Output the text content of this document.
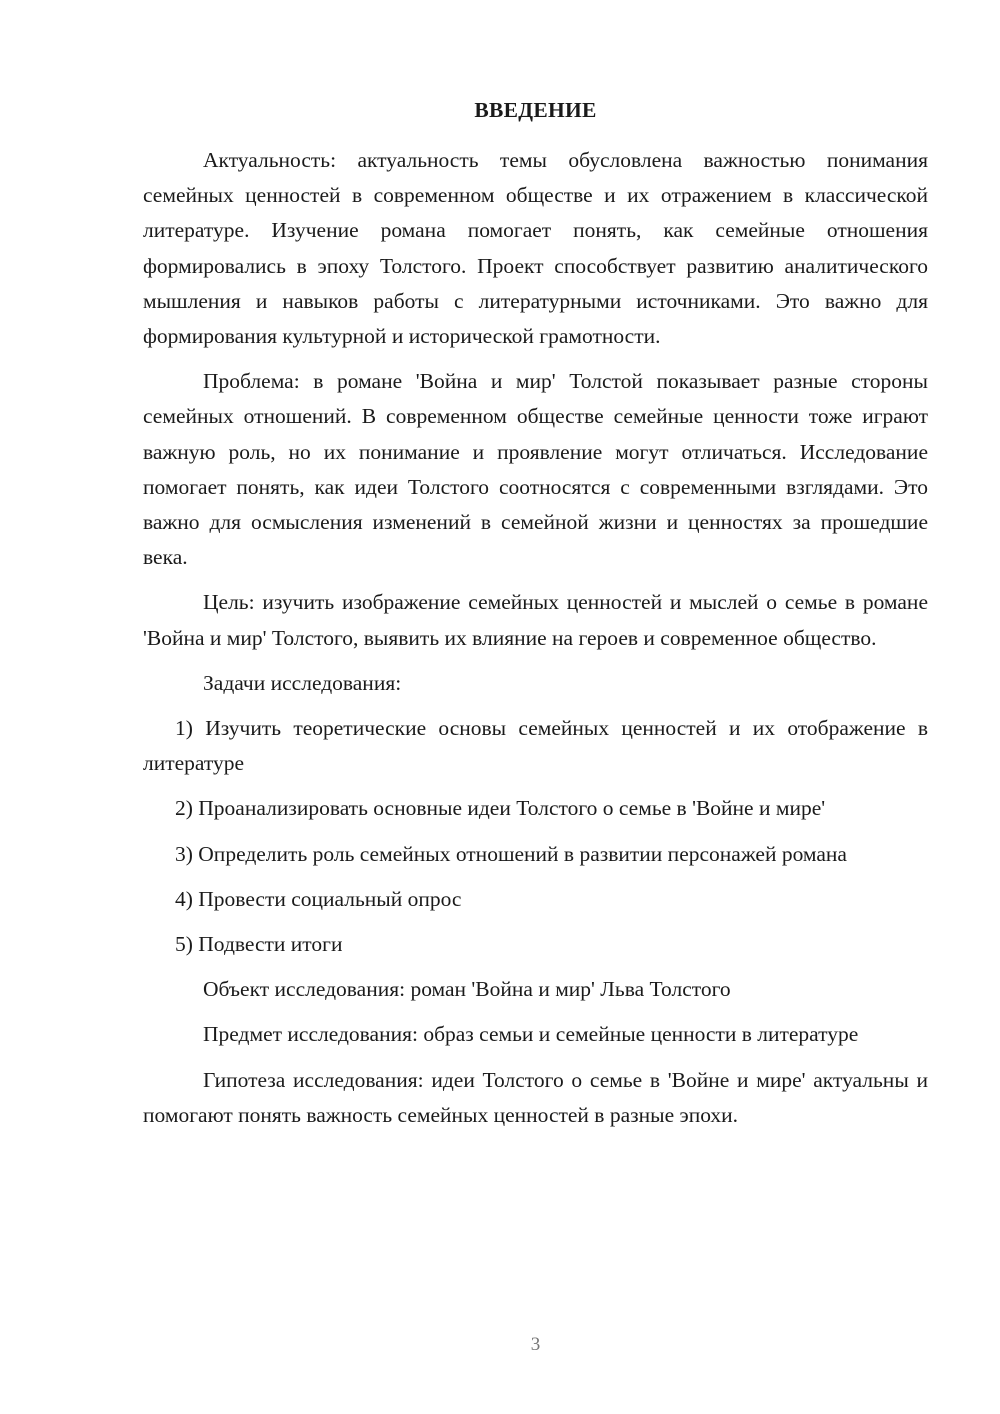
ВВЕДЕНИЕ

Актуальность: актуальность темы обусловлена важностью понимания семейных ценностей в современном обществе и их отражением в классической литературе. Изучение романа помогает понять, как семейные отношения формировались в эпоху Толстого. Проект способствует развитию аналитического мышления и навыков работы с литературными источниками. Это важно для формирования культурной и исторической грамотности.

Проблема: в романе 'Война и мир' Толстой показывает разные стороны семейных отношений. В современном обществе семейные ценности тоже играют важную роль, но их понимание и проявление могут отличаться. Исследование помогает понять, как идеи Толстого соотносятся с современными взглядами. Это важно для осмысления изменений в семейной жизни и ценностях за прошедшие века.

Цель: изучить изображение семейных ценностей и мыслей о семье в романе 'Война и мир' Толстого, выявить их влияние на героев и современное общество.

Задачи исследования:

1) Изучить теоретические основы семейных ценностей и их отображение в литературе

2) Проанализировать основные идеи Толстого о семье в 'Войне и мире'

3) Определить роль семейных отношений в развитии персонажей романа

4) Провести социальный опрос

5) Подвести итоги

Объект исследования: роман 'Война и мир' Льва Толстого

Предмет исследования: образ семьи и семейные ценности в литературе

Гипотеза исследования: идеи Толстого о семье в 'Войне и мире' актуальны и помогают понять важность семейных ценностей в разные эпохи.

3
